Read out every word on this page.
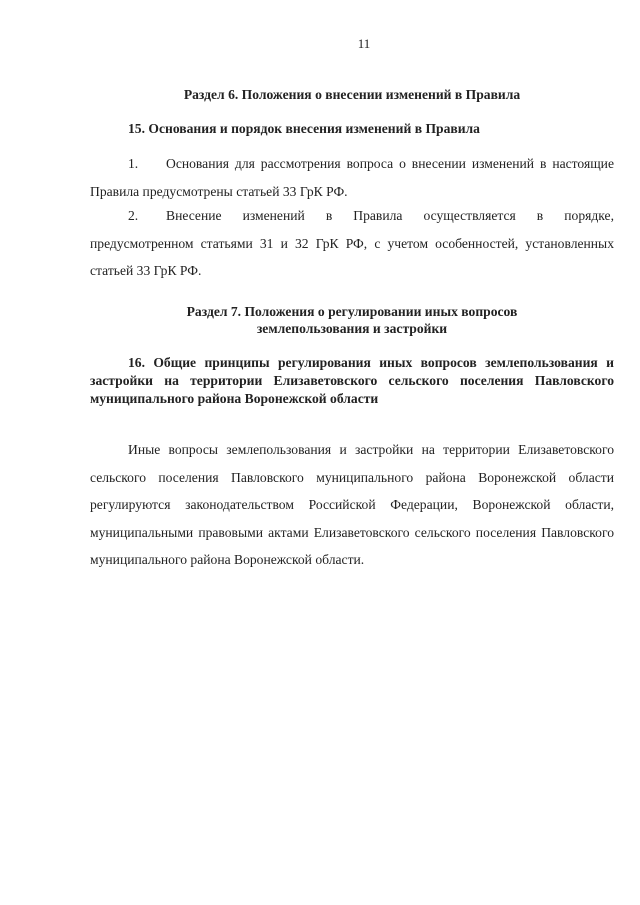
11
Раздел 6. Положения о внесении изменений в Правила
15. Основания и порядок внесения изменений в Правила
1. Основания для рассмотрения вопроса о внесении изменений в настоящие Правила предусмотрены статьей 33 ГрК РФ.
2. Внесение изменений в Правила осуществляется в порядке, предусмотренном статьями 31 и 32 ГрК РФ, с учетом особенностей, установленных статьей 33 ГрК РФ.
Раздел 7. Положения о регулировании иных вопросов
землепользования и застройки
16. Общие принципы регулирования иных вопросов землепользования и застройки на территории Елизаветовского сельского поселения Павловского муниципального района Воронежской области
Иные вопросы землепользования и застройки на территории Елизаветовского сельского поселения Павловского муниципального района Воронежской области регулируются законодательством Российской Федерации, Воронежской области, муниципальными правовыми актами Елизаветовского сельского поселения Павловского муниципального района Воронежской области.
